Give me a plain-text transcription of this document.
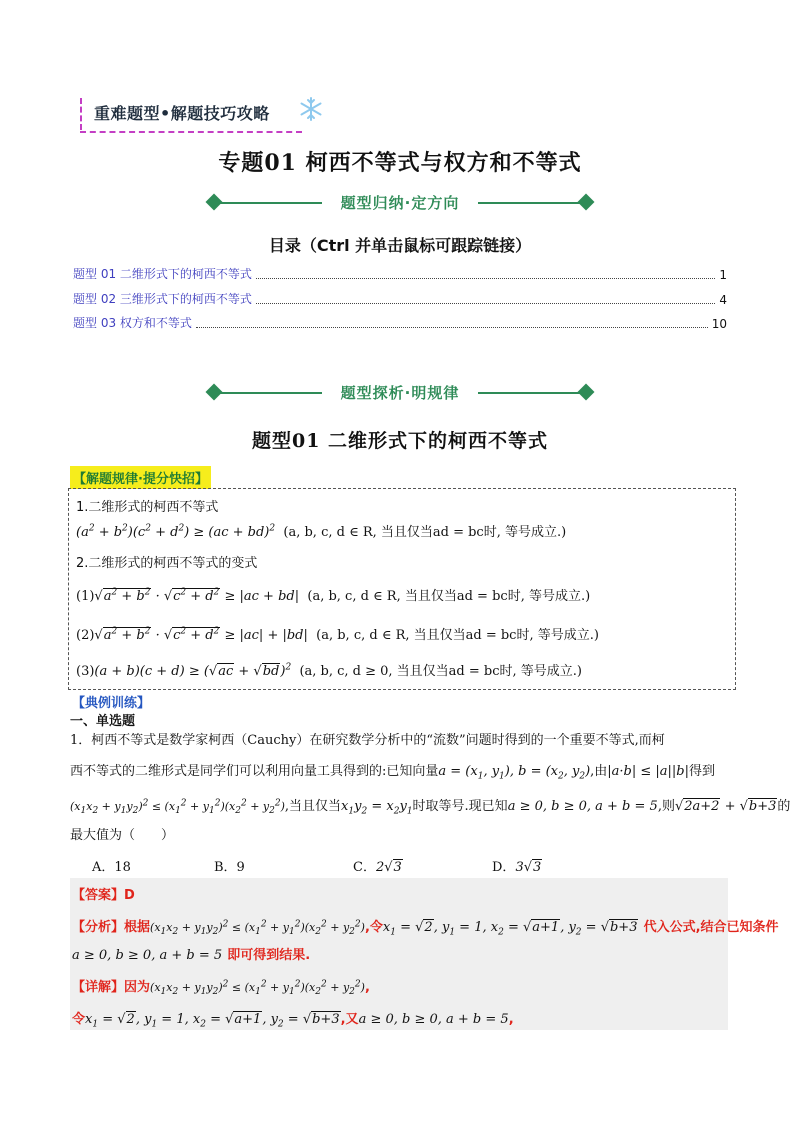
重难题型•解题技巧攻略
专题01 柯西不等式与权方和不等式
题型归纳·定方向
目录（Ctrl 并单击鼠标可跟踪链接）
题型 01 二维形式下的柯西不等式	1
题型 02 三维形式下的柯西不等式	4
题型 03 权方和不等式	10
题型探析·明规律
题型01 二维形式下的柯西不等式
【解题规律·提分快招】
1.二维形式的柯西不等式
$(a^2 + b^2)(c^2 + d^2) \ge (ac + bd)^2$ (a, b, c, d ∈ R, 当且仅当ad = bc时, 等号成立.)
2.二维形式的柯西不等式的变式
$(1)√a^2 + b^2 \cdot √c^2 + d^2 \ge |ac + bd|$ (a, b, c, d ∈ R, 当且仅当ad = bc时, 等号成立.)
$(2)√a^2 + b^2 \cdot √c^2 + d^2 \ge |ac| + |bd|$ (a, b, c, d ∈ R, 当且仅当ad = bc时, 等号成立.)
$(3)(a + b)(c + d) \ge (√ac + √bd)^2$ (a, b, c, d ≥ 0, 当且仅当ad = bc时, 等号成立.)
【典例训练】
一、单选题
1．柯西不等式是数学家柯西（Cauchy）在研究数学分析中的“流数”问题时得到的一个重要不等式,而柯
西不等式的二维形式是同学们可以利用向量工具得到的:已知向量$a = (x_1$, $y_1$), $b = (x_2$, $y_2$),由|a·b| ≤ |a||b|得到
$(x_1x_2 + y_1y_2)^2 \le (x_1^2 + y_1^2)(x_2^2 + y_2^2)$,当且仅当$x_1y_2 = x_2y_1$时取等号.现已知a ≥ 0, b ≥ 0, a + b = 5,则√2a+2 + √b+3的
最大值为（　　）
A．18	B．9	C．2√3	D．3√3
【答案】D
【分析】根据$(x_1x_2 + y_1y_2)^2 \le (x_1^2 + y_1^2)(x_2^2 + y_2^2)$,令$x_1 = √2$, $y_1 = 1$, $x_2 = √a+1$, $y_2 = √b+3$ 代入公式,结合已知条件
a ≥ 0, b ≥ 0, a + b = 5 即可得到结果.
【详解】因为$(x_1x_2 + y_1y_2)^2 \le (x_1^2 + y_1^2)(x_2^2 + y_2^2)$,
令$x_1 = √2$, $y_1 = 1$, $x_2 = √a+1$, $y_2 = √b+3$,又a ≥ 0, b ≥ 0, a + b = 5,
